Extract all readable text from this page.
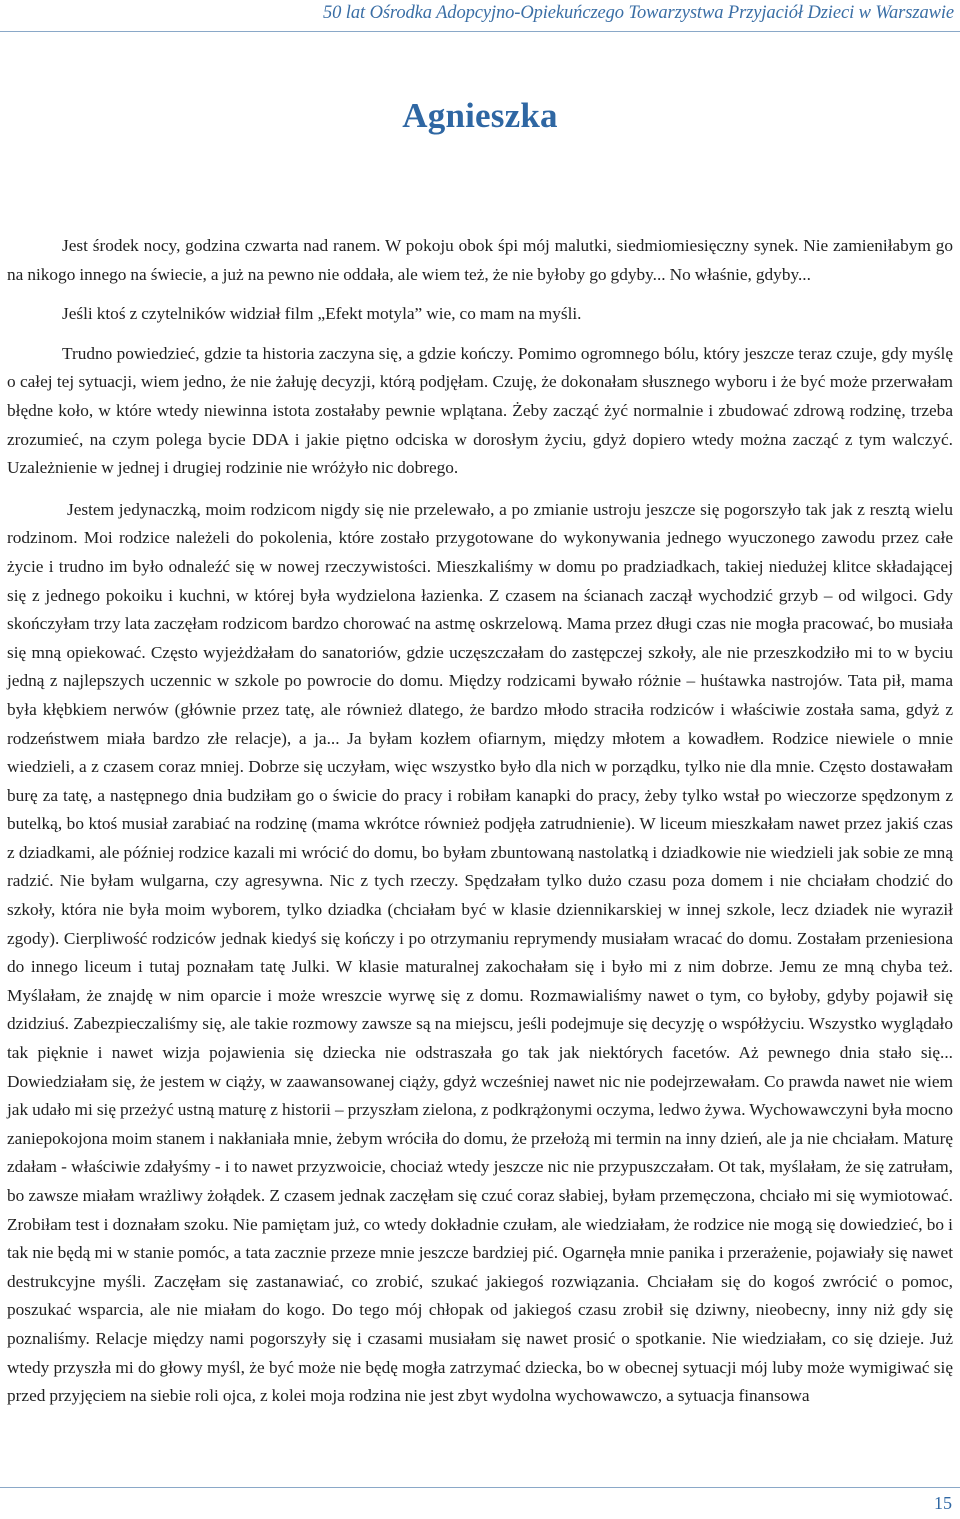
50 lat Ośrodka Adopcyjno-Opiekuńczego Towarzystwa Przyjaciół Dzieci w Warszawie
Agnieszka

Jest środek nocy, godzina czwarta nad ranem. W pokoju obok śpi mój malutki, siedmiomiesięczny synek. Nie zamieniłabym go na nikogo innego na świecie, a już na pewno nie oddała, ale wiem też, że nie byłoby go gdyby... No właśnie, gdyby...

Jeśli ktoś z czytelników widział film „Efekt motyla” wie, co mam na myśli.

Trudno powiedzieć, gdzie ta historia zaczyna się, a gdzie kończy. Pomimo ogromnego bólu, który jeszcze teraz czuje, gdy myślę o całej tej sytuacji, wiem jedno, że nie żałuję decyzji, którą podjęłam. Czuję, że dokonałam słusznego wyboru i że być może przerwałam błędne koło, w które wtedy niewinna istota zostałaby pewnie wplątana. Żeby zacząć żyć normalnie i zbudować zdrową rodzinę, trzeba zrozumieć, na czym polega bycie DDA i jakie piętno odciska w dorosłym życiu, gdyż dopiero wtedy można zacząć z tym walczyć. Uzależnienie w jednej i drugiej rodzinie nie wróżyło nic dobrego.

Jestem jedynaczką, moim rodzicom nigdy się nie przelewało, a po zmianie ustroju jeszcze się pogorszyło tak jak z resztą wielu rodzinom. Moi rodzice należeli do pokolenia, które zostało przygotowane do wykonywania jednego wyuczonego zawodu przez całe życie i trudno im było odnaleźć się w nowej rzeczywistości. Mieszkaliśmy w domu po pradziadkach, takiej niedużej klitce składającej się z jednego pokoiku i kuchni, w której była wydzielona łazienka. Z czasem na ścianach zaczął wychodzić grzyb – od wilgoci. Gdy skończyłam trzy lata zaczęłam rodzicom bardzo chorować na astmę oskrzelową. Mama przez długi czas nie mogła pracować, bo musiała się mną opiekować. Często wyjeżdżałam do sanatoriów, gdzie uczęszczałam do zastępczej szkoły, ale nie przeszkodziło mi to w byciu jedną z najlepszych uczennic w szkole po powrocie do domu. Między rodzicami bywało różnie – huśtawka nastrojów. Tata pił, mama była kłębkiem nerwów (głównie przez tatę, ale również dlatego, że bardzo młodo straciła rodziców i właściwie została sama, gdyż z rodzeństwem miała bardzo złe relacje), a ja... Ja byłam kozłem ofiarnym, między młotem a kowadłem. Rodzice niewiele o mnie wiedzieli, a z czasem coraz mniej. Dobrze się uczyłam, więc wszystko było dla nich w porządku, tylko nie dla mnie. Często dostawałam burę za tatę, a następnego dnia budziłam go o świcie do pracy i robiłam kanapki do pracy, żeby tylko wstał po wieczorze spędzonym z butelką, bo ktoś musiał zarabiać na rodzinę (mama wkrótce również podjęła zatrudnienie). W liceum mieszkałam nawet przez jakiś czas z dziadkami, ale później rodzice kazali mi wrócić do domu, bo byłam zbuntowaną nastolatką i dziadkowie nie wiedzieli jak sobie ze mną radzić. Nie byłam wulgarna, czy agresywna. Nic z tych rzeczy. Spędzałam tylko dużo czasu poza domem i nie chciałam chodzić do szkoły, która nie była moim wyborem, tylko dziadka (chciałam być w klasie dziennikarskiej w innej szkole, lecz dziadek nie wyraził zgody). Cierpliwość rodziców jednak kiedyś się kończy i po otrzymaniu reprymendy musiałam wracać do domu. Zostałam przeniesiona do innego liceum i tutaj poznałam tatę Julki. W klasie maturalnej zakochałam się i było mi z nim dobrze. Jemu ze mną chyba też. Myślałam, że znajdę w nim oparcie i może wreszcie wyrwę się z domu. Rozmawialiśmy nawet o tym, co byłoby, gdyby pojawił się dzidziuś. Zabezpieczaliśmy się, ale takie rozmowy zawsze są na miejscu, jeśli podejmuje się decyzję o współżyciu. Wszystko wyglądało tak pięknie i nawet wizja pojawienia się dziecka nie odstraszała go tak jak niektórych facetów. Aż pewnego dnia stało się... Dowiedziałam się, że jestem w ciąży, w zaawansowanej ciąży, gdyż wcześniej nawet nic nie podejrzewałam. Co prawda nawet nie wiem jak udało mi się przeżyć ustną maturę z historii – przyszłam zielona, z podkrążonymi oczyma, ledwo żywa. Wychowawczyni była mocno zaniepokojona moim stanem i nakłaniała mnie, żebym wróciła do domu, że przełożą mi termin na inny dzień, ale ja nie chciałam. Maturę zdałam - właściwie zdałyśmy - i to nawet przyzwoicie, chociaż wtedy jeszcze nic nie przypuszczałam. Ot tak, myślałam, że się zatrułam, bo zawsze miałam wrażliwy żołądek. Z czasem jednak zaczęłam się czuć coraz słabiej, byłam przemęczona, chciało mi się wymiotować. Zrobiłam test i doznałam szoku. Nie pamiętam już, co wtedy dokładnie czułam, ale wiedziałam, że rodzice nie mogą się dowiedzieć, bo i tak nie będą mi w stanie pomóc, a tata zacznie przeze mnie jeszcze bardziej pić. Ogarnęła mnie panika i przerażenie, pojawiały się nawet destrukcyjne myśli. Zaczęłam się zastanawiać, co zrobić, szukać jakiegoś rozwiązania. Chciałam się do kogoś zwrócić o pomoc, poszukać wsparcia, ale nie miałam do kogo. Do tego mój chłopak od jakiegoś czasu zrobił się dziwny, nieobecny, inny niż gdy się poznaliśmy. Relacje między nami pogorszyły się i czasami musiałam się nawet prosić o spotkanie. Nie wiedziałam, co się dzieje. Już wtedy przyszła mi do głowy myśl, że być może nie będę mogła zatrzymać dziecka, bo w obecnej sytuacji mój luby może wymigiwać się przed przyjęciem na siebie roli ojca, z kolei moja rodzina nie jest zbyt wydolna wychowawczo, a sytuacja finansowa

15
